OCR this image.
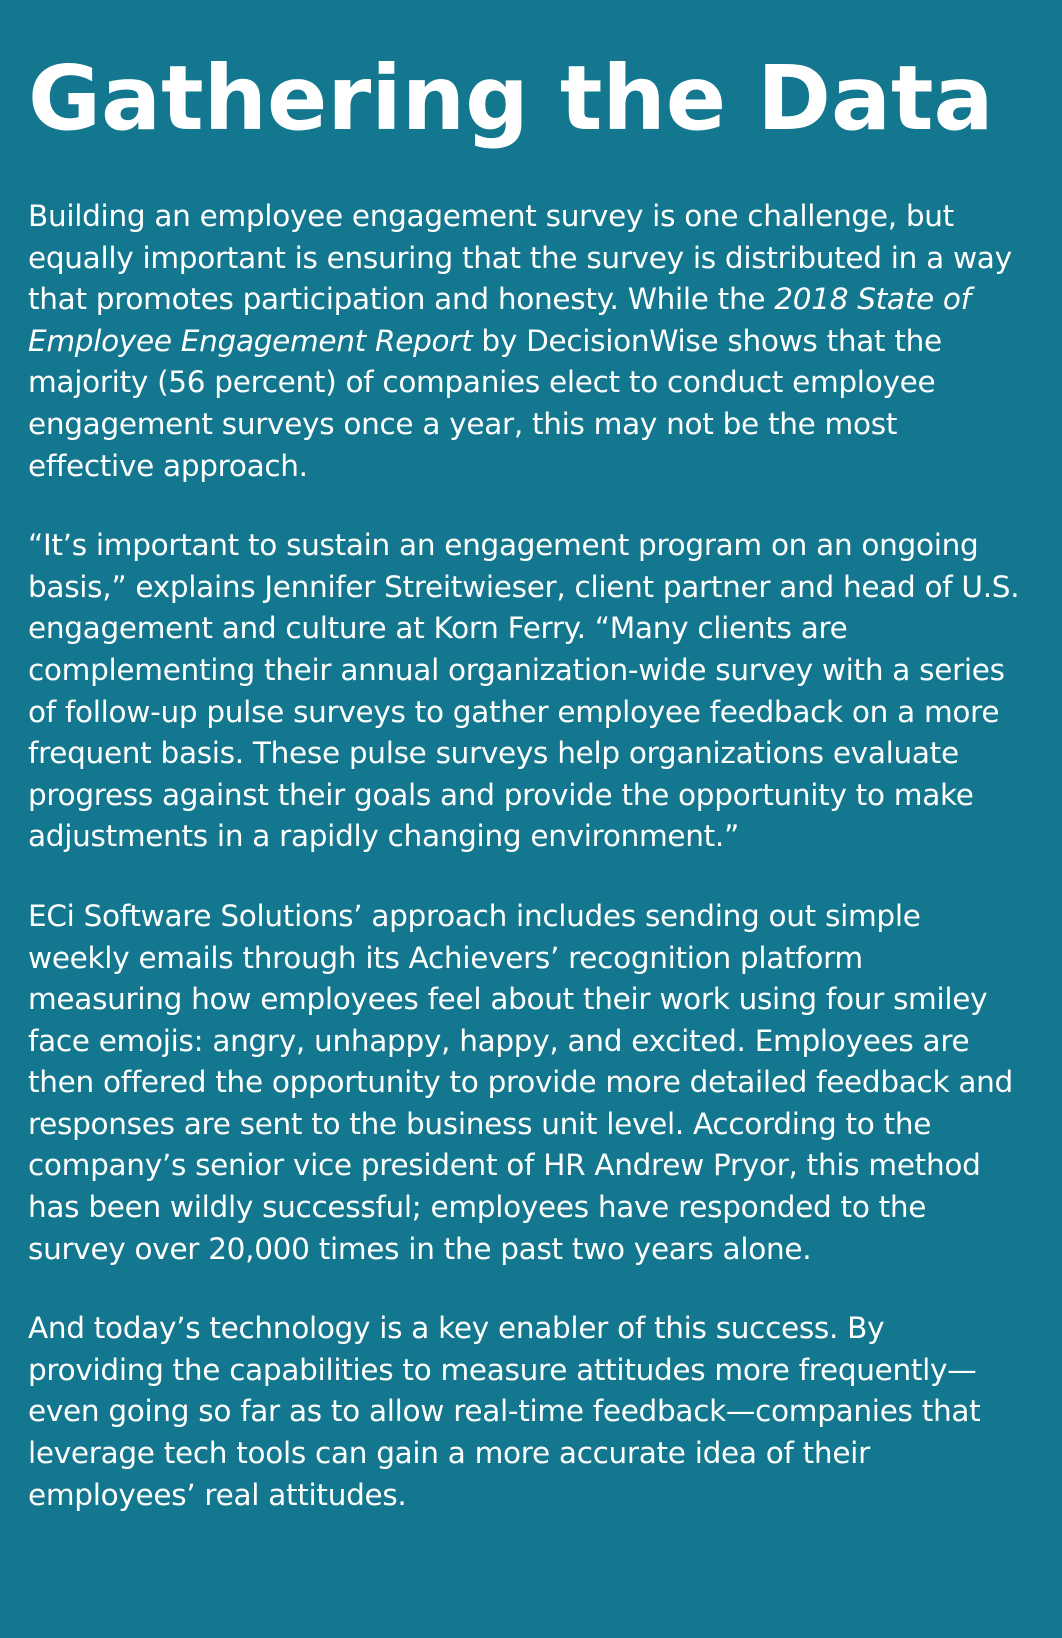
Gathering the Data

Building an employee engagement survey is one challenge, but equally important is ensuring that the survey is distributed in a way that promotes participation and honesty. While the 2018 State of Employee Engagement Report by DecisionWise shows that the majority (56 percent) of companies elect to conduct employee engagement surveys once a year, this may not be the most effective approach.

“It’s important to sustain an engagement program on an ongoing basis,” explains Jennifer Streitwieser, client partner and head of U.S. engagement and culture at Korn Ferry. “Many clients are complementing their annual organization-wide survey with a series of follow-up pulse surveys to gather employee feedback on a more frequent basis. These pulse surveys help organizations evaluate progress against their goals and provide the opportunity to make adjustments in a rapidly changing environment.”

ECi Software Solutions’ approach includes sending out simple weekly emails through its Achievers’ recognition platform measuring how employees feel about their work using four smiley face emojis: angry, unhappy, happy, and excited. Employees are then offered the opportunity to provide more detailed feedback and responses are sent to the business unit level. According to the company’s senior vice president of HR Andrew Pryor, this method has been wildly successful; employees have responded to the survey over 20,000 times in the past two years alone.

And today’s technology is a key enabler of this success. By providing the capabilities to measure attitudes more frequently—even going so far as to allow real-time feedback—companies that leverage tech tools can gain a more accurate idea of their employees’ real attitudes.
